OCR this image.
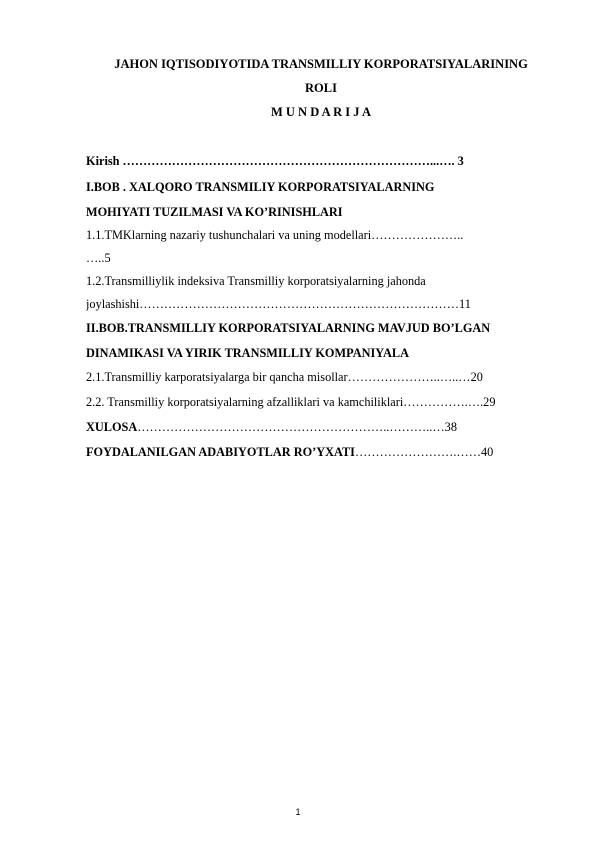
JAHON IQTISODIYOTIDA TRANSMILLIY KORPORATSIYALARINING
ROLI
M U N D A R I J A
Kirish …………………………………………………………………...…. 3
I.BOB . XALQORO TRANSMILIY KORPORATSIYALARNING
MOHIYATI TUZILMASI VA KO’RINISHLARI
1.1.TMKlarning nazariy tushunchalari va uning modellari…………………..
…..5
1.2.Transmilliylik indeksiva Transmilliy korporatsiyalarning jahonda
joylashishi……………………………………………………………………11
II.BOB.TRANSMILLIY KORPORATSIYALARNING MAVJUD BO’LGAN
DINAMIKASI VA YIRIK TRANSMILLIY KOMPANIYALA
2.1.Transmilliy karporatsiyalarga bir qancha misollar…………………..…..…20
2.2. Transmilliy korporatsiyalarning afzalliklari va kamchiliklari…………….….29
XULOSA……………………………………………………..………..…38
FOYDALANILGAN ADABIYOTLAR RO’YXATI…………………….……40
1
